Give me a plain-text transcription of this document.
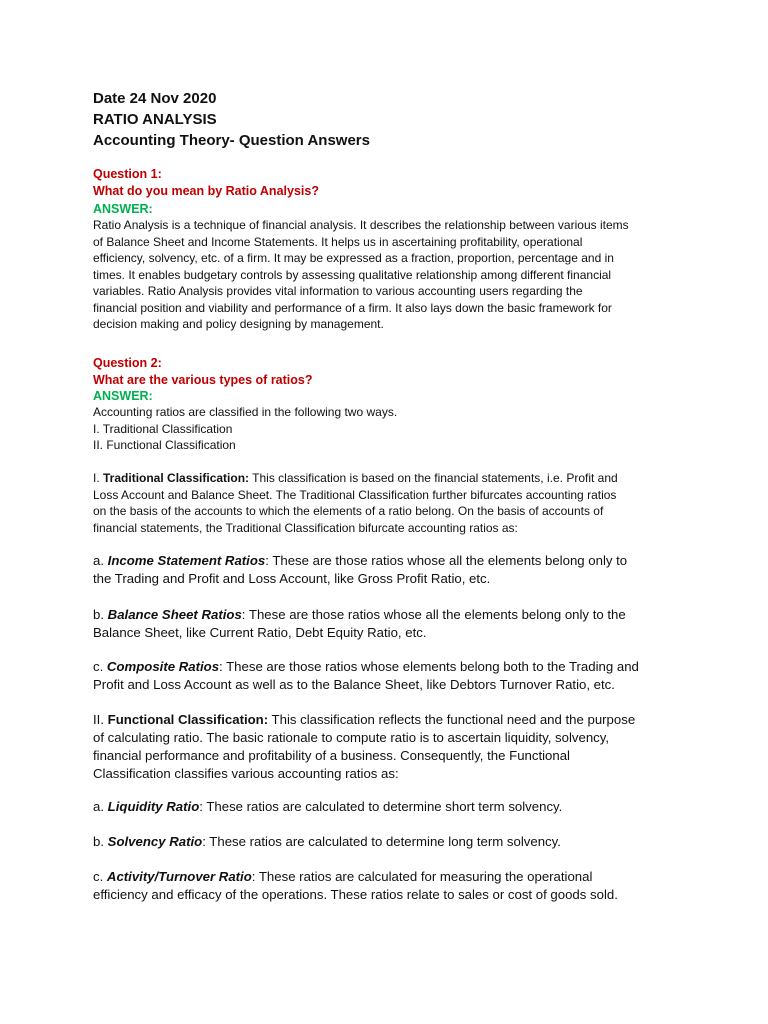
Date 24 Nov 2020
RATIO ANALYSIS
Accounting Theory- Question Answers
Question 1:
What do you mean by Ratio Analysis?
ANSWER:
Ratio Analysis is a technique of financial analysis. It describes the relationship between various items
of Balance Sheet and Income Statements. It helps us in ascertaining profitability, operational
efficiency, solvency, etc. of a firm. It may be expressed as a fraction, proportion, percentage and in
times. It enables budgetary controls by assessing qualitative relationship among different financial
variables. Ratio Analysis provides vital information to various accounting users regarding the
financial position and viability and performance of a firm. It also lays down the basic framework for
decision making and policy designing by management.
Question 2:
What are the various types of ratios?
ANSWER:
Accounting ratios are classified in the following two ways.
I. Traditional Classification
II. Functional Classification
I. Traditional Classification: This classification is based on the financial statements, i.e. Profit and
Loss Account and Balance Sheet. The Traditional Classification further bifurcates accounting ratios
on the basis of the accounts to which the elements of a ratio belong. On the basis of accounts of
financial statements, the Traditional Classification bifurcate accounting ratios as:
a. Income Statement Ratios: These are those ratios whose all the elements belong only to
the Trading and Profit and Loss Account, like Gross Profit Ratio, etc.
b. Balance Sheet Ratios: These are those ratios whose all the elements belong only to the
Balance Sheet, like Current Ratio, Debt Equity Ratio, etc.
c. Composite Ratios: These are those ratios whose elements belong both to the Trading and
Profit and Loss Account as well as to the Balance Sheet, like Debtors Turnover Ratio, etc.
II. Functional Classification: This classification reflects the functional need and the purpose
of calculating ratio. The basic rationale to compute ratio is to ascertain liquidity, solvency,
financial performance and profitability of a business. Consequently, the Functional
Classification classifies various accounting ratios as:
a. Liquidity Ratio: These ratios are calculated to determine short term solvency.
b. Solvency Ratio: These ratios are calculated to determine long term solvency.
c. Activity/Turnover Ratio: These ratios are calculated for measuring the operational
efficiency and efficacy of the operations. These ratios relate to sales or cost of goods sold.
